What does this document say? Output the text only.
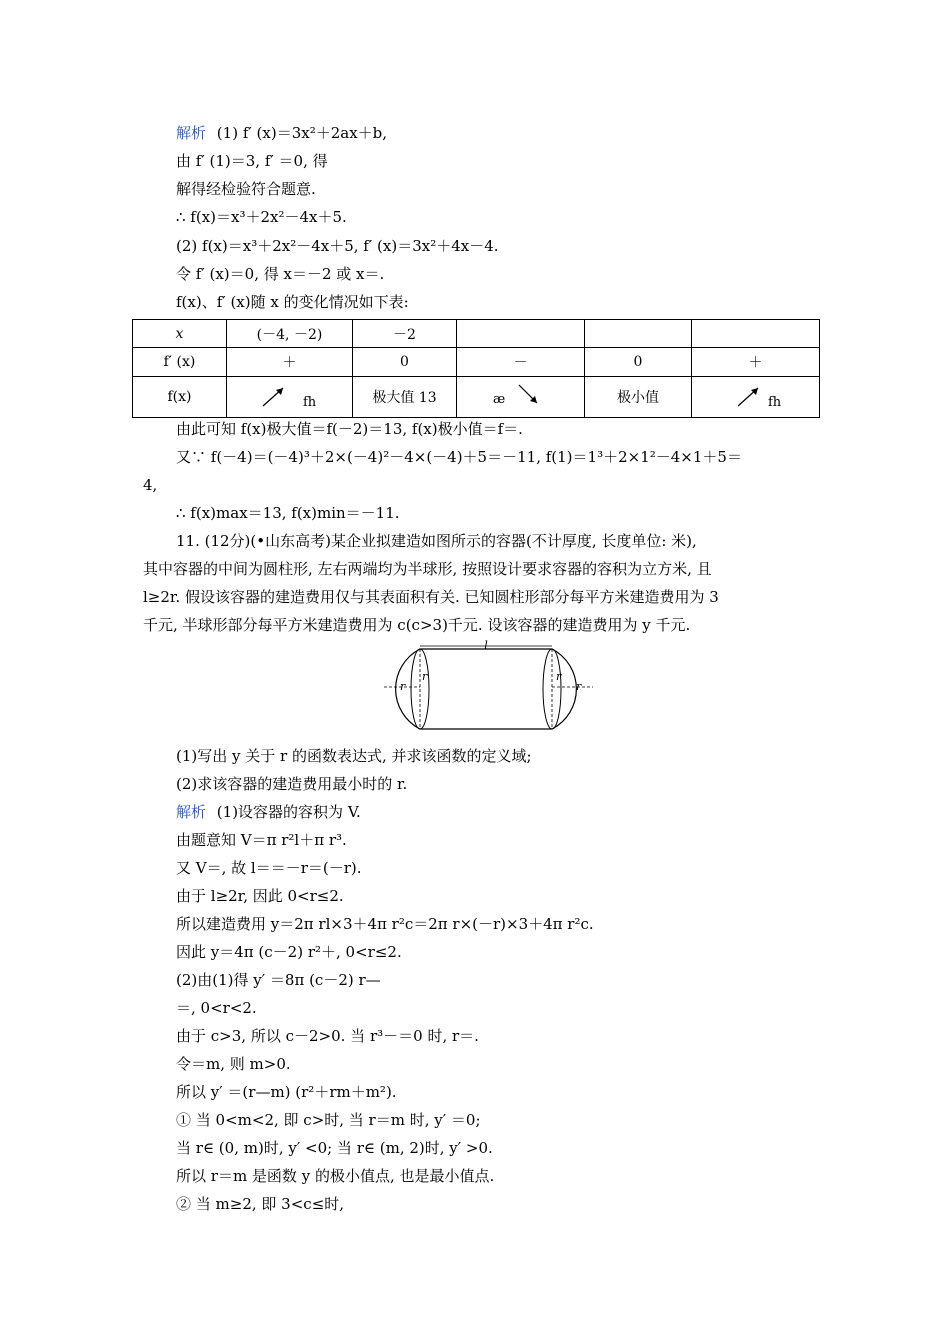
解析 (1) f′ (x)＝3x²＋2ax＋b,
由 f′ (1)＝3, f′ ＝0, 得
解得经检验符合题意.
∴ f(x)＝x³＋2x²－4x＋5.
(2) f(x)＝x³＋2x²－4x＋5, f′ (x)＝3x²＋4x－4.
令 f′ (x)＝0, 得 x＝－2 或 x＝.
f(x)、f′ (x)随 x 的变化情况如下表:
x	(－4, －2)	－2			
f′ (x)	＋	0	－	0	＋
f(x)	fh	极大值 13	æ	极小值	fh
由此可知 f(x)极大值＝f(－2)＝13, f(x)极小值＝f＝.
又∵ f(－4)＝(－4)³＋2×(－4)²－4×(－4)＋5＝－11, f(1)＝1³＋2×1²－4×1＋5＝
4,
∴ f(x)max＝13, f(x)min＝－11.
11. (12分)(•山东高考)某企业拟建造如图所示的容器(不计厚度, 长度单位: 米),
其中容器的中间为圆柱形, 左右两端均为半球形, 按照设计要求容器的容积为立方米, 且
l≥2r. 假设该容器的建造费用仅与其表面积有关. 已知圆柱形部分每平方米建造费用为 3
千元, 半球形部分每平方米建造费用为 c(c>3)千元. 设该容器的建造费用为 y 千元.
l
r
r	r
r
(1)写出 y 关于 r 的函数表达式, 并求该函数的定义域;
(2)求该容器的建造费用最小时的 r.
解析 (1)设容器的容积为 V.
由题意知 V＝π r²l＋π r³.
又 V＝, 故 l＝＝－r＝(－r).
由于 l≥2r, 因此 0<r≤2.
所以建造费用 y＝2π rl×3＋4π r²c＝2π r×(－r)×3＋4π r²c.
因此 y＝4π (c－2) r²＋, 0<r≤2.
(2)由(1)得 y′ ＝8π (c－2) r—
＝, 0<r<2.
由于 c>3, 所以 c－2>0. 当 r³－＝0 时, r＝.
令＝m, 则 m>0.
所以 y′ ＝(r—m) (r²＋rm＋m²).
① 当 0<m<2, 即 c>时, 当 r＝m 时, y′ ＝0;
当 r∈ (0, m)时, y′ <0; 当 r∈ (m, 2)时, y′ >0.
所以 r＝m 是函数 y 的极小值点, 也是最小值点.
② 当 m≥2, 即 3<c≤时,
